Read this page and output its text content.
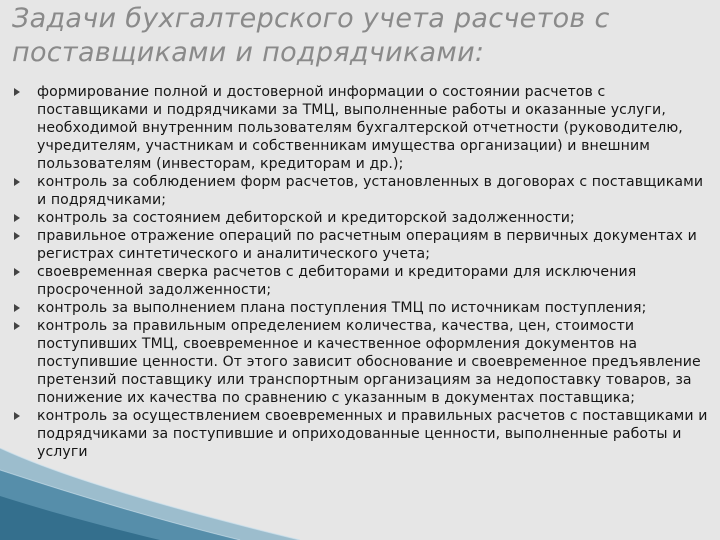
Задачи бухгалтерского учета расчетов с
поставщиками и подрядчиками:
формирование полной и достоверной информации о состоянии расчетов с поставщиками и подрядчиками за ТМЦ, выполненные работы и оказанные услуги, необходимой внутренним пользователям бухгалтерской отчетности (руководителю, учредителям, участникам и собственникам имущества организации) и внешним пользователям (инвесторам, кредиторам и др.);
контроль за соблюдением форм расчетов, установленных в договорах с поставщиками и подрядчиками;
контроль за состоянием дебиторской и кредиторской задолженности;
правильное отражение операций по расчетным операциям в первичных документах и регистрах синтетического и аналитического учета;
своевременная сверка расчетов с дебиторами и кредиторами для исключения просроченной задолженности;
контроль за выполнением плана поступления ТМЦ по источникам поступления;
контроль за правильным определением количества, качества, цен, стоимости поступивших ТМЦ, своевременное и качественное оформления документов на поступившие ценности. От этого зависит обоснование и своевременное предъявление претензий поставщику или транспортным организациям за недопоставку товаров, за понижение их качества по сравнению с указанным в документах поставщика;
контроль за осуществлением своевременных и правильных расчетов с поставщиками и подрядчиками за поступившие и оприходованные ценности, выполненные работы и услуги
